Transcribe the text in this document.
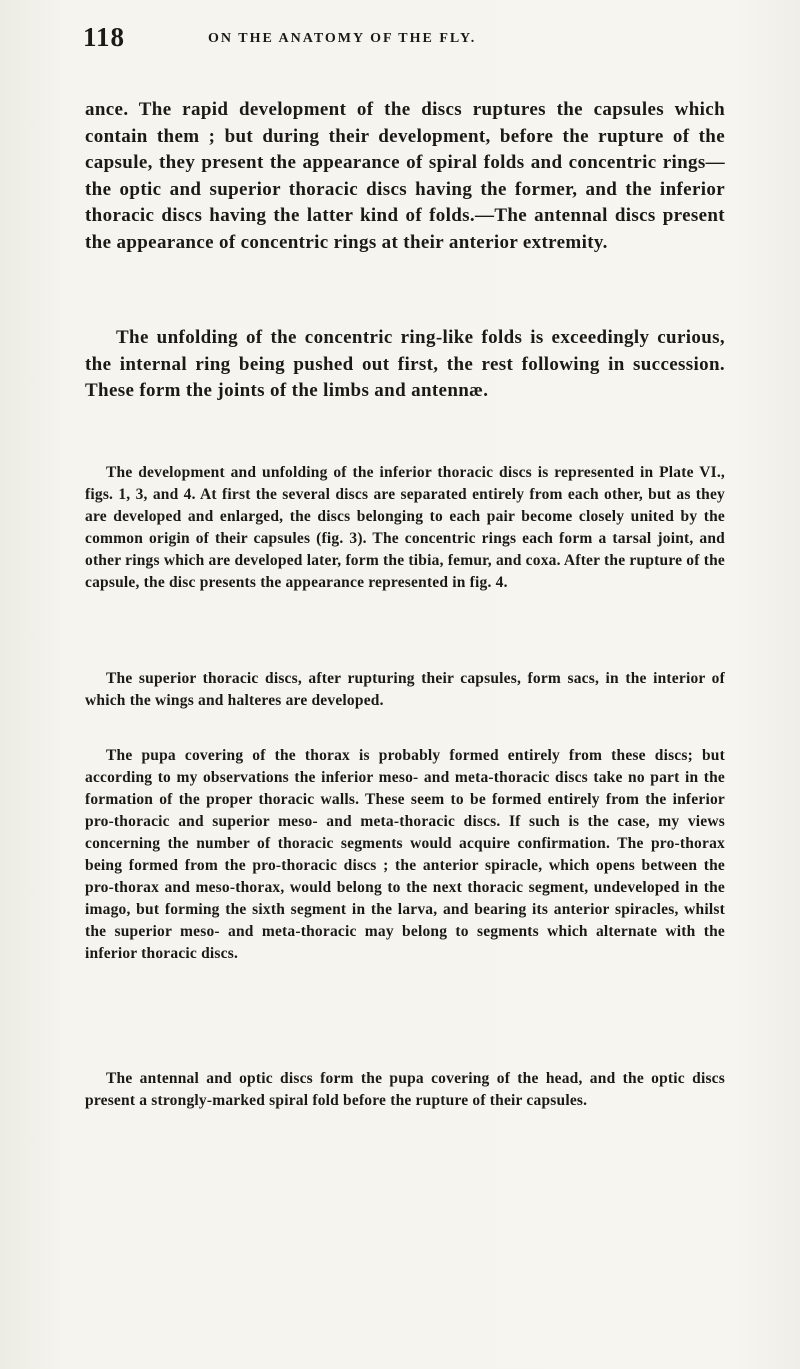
118	ON THE ANATOMY OF THE FLY.

ance. The rapid development of the discs ruptures the capsules which contain them ; but during their development, before the rupture of the capsule, they present the appearance of spiral folds and concentric rings—the optic and superior thoracic discs having the former, and the inferior thoracic discs having the latter kind of folds.—The antennal discs present the appearance of concentric rings at their anterior extremity.

The unfolding of the concentric ring-like folds is exceedingly curious, the internal ring being pushed out first, the rest following in succession. These form the joints of the limbs and antennæ.

The development and unfolding of the inferior thoracic discs is represented in Plate VI., figs. 1, 3, and 4. At first the several discs are separated entirely from each other, but as they are developed and enlarged, the discs belonging to each pair become closely united by the common origin of their capsules (fig. 3). The concentric rings each form a tarsal joint, and other rings which are developed later, form the tibia, femur, and coxa. After the rupture of the capsule, the disc presents the appearance represented in fig. 4.

The superior thoracic discs, after rupturing their capsules, form sacs, in the interior of which the wings and halteres are developed.

The pupa covering of the thorax is probably formed entirely from these discs; but according to my observations the inferior meso- and meta-thoracic discs take no part in the formation of the proper thoracic walls. These seem to be formed entirely from the inferior pro-thoracic and superior meso- and meta-thoracic discs. If such is the case, my views concerning the number of thoracic segments would acquire confirmation. The pro-thorax being formed from the pro-thoracic discs ; the anterior spiracle, which opens between the pro-thorax and meso-thorax, would belong to the next thoracic segment, undeveloped in the imago, but forming the sixth segment in the larva, and bearing its anterior spiracles, whilst the superior meso- and meta-thoracic may belong to segments which alternate with the inferior thoracic discs.

The antennal and optic discs form the pupa covering of the head, and the optic discs present a strongly-marked spiral fold before the rupture of their capsules.
